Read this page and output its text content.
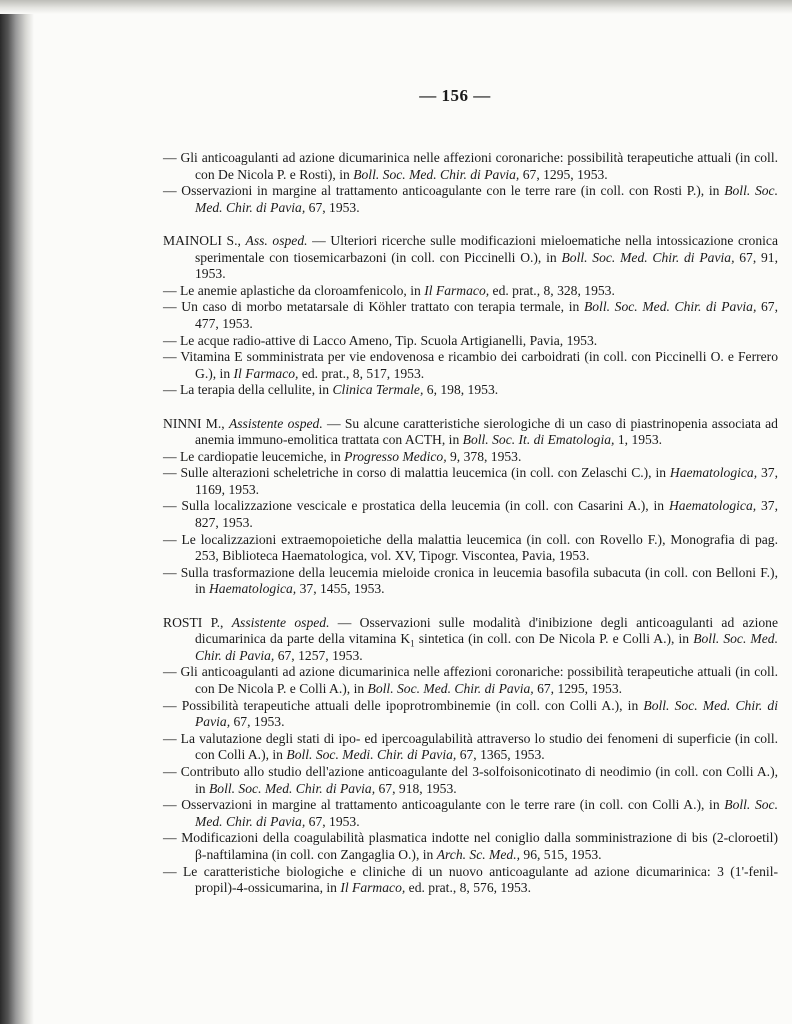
— 156 —
— Gli anticoagulanti ad azione dicumarinica nelle affezioni coronariche: possibilità terapeutiche attuali (in coll. con De Nicola P. e Rosti), in Boll. Soc. Med. Chir. di Pavia, 67, 1295, 1953.
— Osservazioni in margine al trattamento anticoagulante con le terre rare (in coll. con Rosti P.), in Boll. Soc. Med. Chir. di Pavia, 67, 1953.
MAINOLI S., Ass. osped. — Ulteriori ricerche sulle modificazioni mieloematiche nella intossicazione cronica sperimentale con tiosemicarbazoni (in coll. con Piccinelli O.), in Boll. Soc. Med. Chir. di Pavia, 67, 91, 1953.
— Le anemie aplastiche da cloroamfenicolo, in Il Farmaco, ed. prat., 8, 328, 1953.
— Un caso di morbo metatarsale di Köhler trattato con terapia termale, in Boll. Soc. Med. Chir. di Pavia, 67, 477, 1953.
— Le acque radio-attive di Lacco Ameno, Tip. Scuola Artigianelli, Pavia, 1953.
— Vitamina E somministrata per vie endovenosa e ricambio dei carboidrati (in coll. con Piccinelli O. e Ferrero G.), in Il Farmaco, ed. prat., 8, 517, 1953.
— La terapia della cellulite, in Clinica Termale, 6, 198, 1953.
NINNI M., Assistente osped. — Su alcune caratteristiche sierologiche di un caso di piastrinopenia associata ad anemia immuno-emolitica trattata con ACTH, in Boll. Soc. It. di Ematologia, 1, 1953.
— Le cardiopatie leucemiche, in Progresso Medico, 9, 378, 1953.
— Sulle alterazioni scheletriche in corso di malattia leucemica (in coll. con Zelaschi C.), in Haematologica, 37, 1169, 1953.
— Sulla localizzazione vescicale e prostatica della leucemia (in coll. con Casarini A.), in Haematologica, 37, 827, 1953.
— Le localizzazioni extraemopoietiche della malattia leucemica (in coll. con Rovello F.), Monografia di pag. 253, Biblioteca Haematologica, vol. XV, Tipogr. Viscontea, Pavia, 1953.
— Sulla trasformazione della leucemia mieloide cronica in leucemia basofila subacuta (in coll. con Belloni F.), in Haematologica, 37, 1455, 1953.
ROSTI P., Assistente osped. — Osservazioni sulle modalità d'inibizione degli anticoagulanti ad azione dicumarinica da parte della vitamina $K_1$ sintetica (in coll. con De Nicola P. e Colli A.), in Boll. Soc. Med. Chir. di Pavia, 67, 1257, 1953.
— Gli anticoagulanti ad azione dicumarinica nelle affezioni coronariche: possibilità terapeutiche attuali (in coll. con De Nicola P. e Colli A.), in Boll. Soc. Med. Chir. di Pavia, 67, 1295, 1953.
— Possibilità terapeutiche attuali delle ipoprotrombinemie (in coll. con Colli A.), in Boll. Soc. Med. Chir. di Pavia, 67, 1953.
— La valutazione degli stati di ipo- ed ipercoagulabilità attraverso lo studio dei fenomeni di superficie (in coll. con Colli A.), in Boll. Soc. Medi. Chir. di Pavia, 67, 1365, 1953.
— Contributo allo studio dell'azione anticoagulante del 3-solfoisonicotinato di neodimio (in coll. con Colli A.), in Boll. Soc. Med. Chir. di Pavia, 67, 918, 1953.
— Osservazioni in margine al trattamento anticoagulante con le terre rare (in coll. con Colli A.), in Boll. Soc. Med. Chir. di Pavia, 67, 1953.
— Modificazioni della coagulabilità plasmatica indotte nel coniglio dalla somministrazione di bis (2-cloroetil) β-naftilamina (in coll. con Zangaglia O.), in Arch. Sc. Med., 96, 515, 1953.
— Le caratteristiche biologiche e cliniche di un nuovo anticoagulante ad azione dicumarinica: 3 (1'-fenil-propil)-4-ossicumarina, in Il Farmaco, ed. prat., 8, 576, 1953.
